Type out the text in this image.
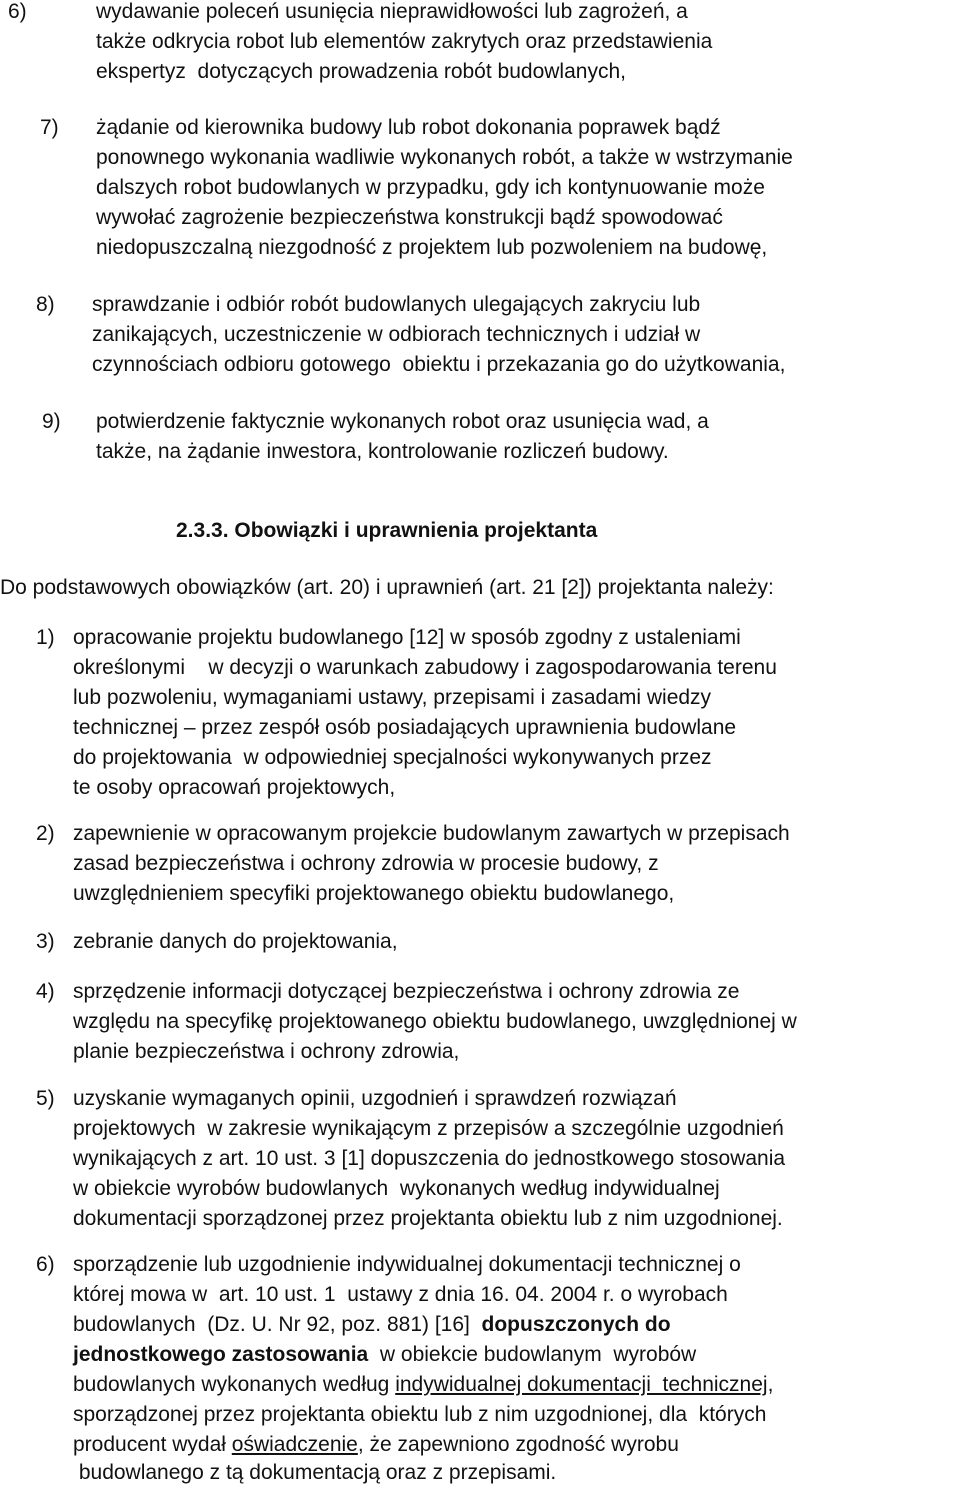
6)	wydawanie poleceń usunięcia nieprawidłowości lub zagrożeń, a
także odkrycia robot lub elementów zakrytych oraz przedstawienia
ekspertyz  dotyczących prowadzenia robót budowlanych,
7) żądanie od kierownika budowy lub robot dokonania poprawek bądź
ponownego wykonania wadliwie wykonanych robót, a także w wstrzymanie
dalszych robot budowlanych w przypadku, gdy ich kontynuowanie może
wywołać zagrożenie bezpieczeństwa konstrukcji bądź spowodować
niedopuszczalną niezgodność z projektem lub pozwoleniem na budowę,
8) sprawdzanie i odbiór robót budowlanych ulegających zakryciu lub
zanikających, uczestniczenie w odbiorach technicznych i udział w
czynnościach odbioru gotowego  obiektu i przekazania go do użytkowania,
9) potwierdzenie faktycznie wykonanych robot oraz usunięcia wad, a
także, na żądanie inwestora, kontrolowanie rozliczeń budowy.
2.3.3. Obowiązki i uprawnienia projektanta
Do podstawowych obowiązków (art. 20) i uprawnień (art. 21 [2]) projektanta należy:
1) opracowanie projektu budowlanego [12] w sposób zgodny z ustaleniami
określonymi    w decyzji o warunkach zabudowy i zagospodarowania terenu
lub pozwoleniu, wymaganiami ustawy, przepisami i zasadami wiedzy
technicznej – przez zespół osób posiadających uprawnienia budowlane
do projektowania  w odpowiedniej specjalności wykonywanych przez
te osoby opracowań projektowych,
2) zapewnienie w opracowanym projekcie budowlanym zawartych w przepisach
zasad bezpieczeństwa i ochrony zdrowia w procesie budowy, z
uwzględnieniem specyfiki projektowanego obiektu budowlanego,
3) zebranie danych do projektowania,
4) sprzędzenie informacji dotyczącej bezpieczeństwa i ochrony zdrowia ze
względu na specyfikę projektowanego obiektu budowlanego, uwzględnionej w
planie bezpieczeństwa i ochrony zdrowia,
5) uzyskanie wymaganych opinii, uzgodnień i sprawdzeń rozwiązań
projektowych  w zakresie wynikającym z przepisów a szczególnie uzgodnień
wynikających z art. 10 ust. 3 [1] dopuszczenia do jednostkowego stosowania
w obiekcie wyrobów budowlanych  wykonanych według indywidualnej
dokumentacji sporządzonej przez projektanta obiektu lub z nim uzgodnionej.
6) sporządzenie lub uzgodnienie indywidualnej dokumentacji technicznej o
której mowa w  art. 10 ust. 1  ustawy z dnia 16. 04. 2004 r. o wyrobach
budowlanych  (Dz. U. Nr 92, poz. 881) [16]  dopuszczonych do
jednostkowego zastosowania  w obiekcie budowlanym  wyrobów
budowlanych wykonanych według indywidualnej dokumentacji  technicznej,
sporządzonej przez projektanta obiektu lub z nim uzgodnionej, dla  których
producent wydał oświadczenie, że zapewniono zgodność wyrobu
budowlanego z tą dokumentacją oraz z przepisami.
